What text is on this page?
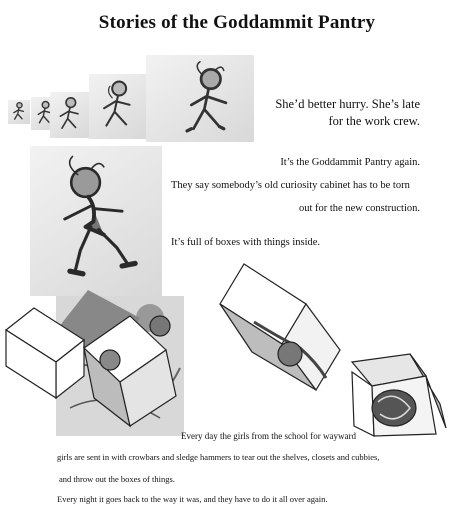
Stories of the Goddammit Pantry
She’d better hurry. She’s late
for the work crew.
It’s the Goddammit Pantry again.
They say somebody’s old curiosity cabinet has to be torn
out for the new construction.
It’s full of boxes with things inside.
Every day the girls from the school for wayward
girls are sent in with crowbars and sledge hammers to tear out the shelves, closets and cubbies,
and throw out the boxes of things.
Every night it goes back to the way it was, and they have to do it all over again.
